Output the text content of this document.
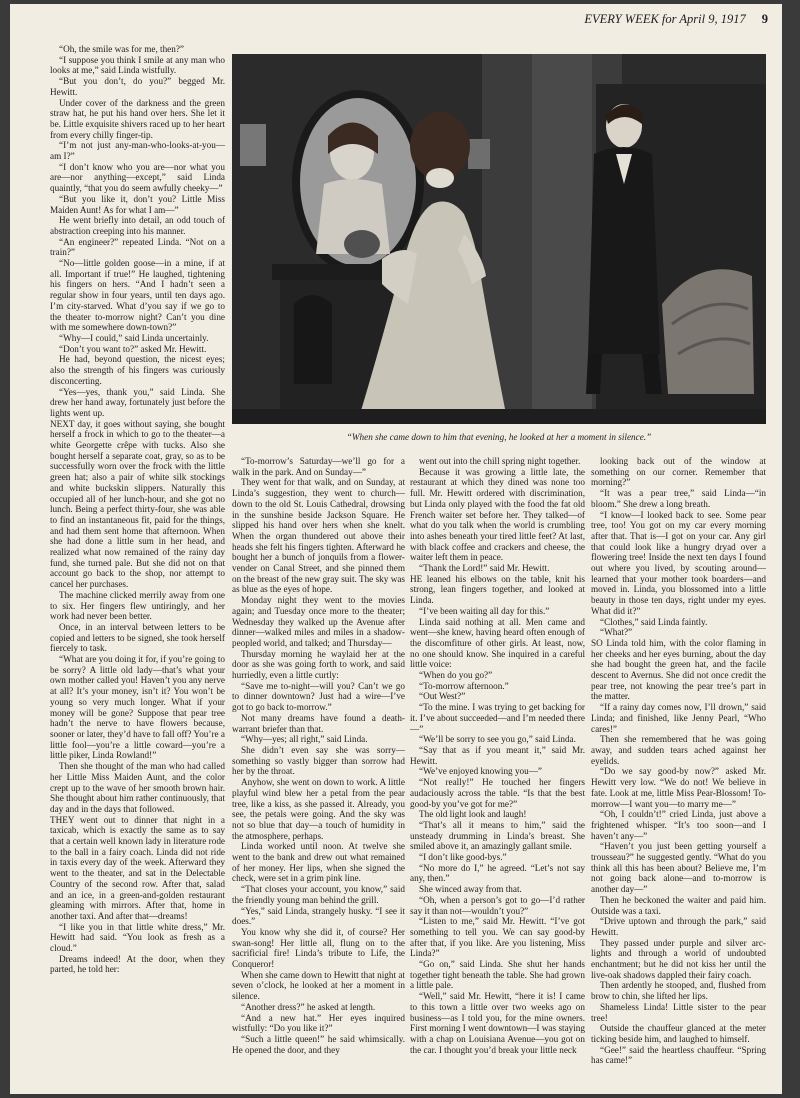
EVERY WEEK for April 9, 1917 9

“Oh, the smile was for me, then?”

“I suppose you think I smile at any man who looks at me,” said Linda wistfully.

“But you don’t, do you?” begged Mr. Hewitt.

Under cover of the darkness and the green straw hat, he put his hand over hers. She let it be. Little exquisite shivers raced up to her heart from every chilly finger-tip.

“I’m not just any-man-who-looks-at-you—am I?”

“I don’t know who you are—nor what you are—nor anything—except,” said Linda quaintly, “that you do seem awfully cheeky—”

“But you like it, don’t you? Little Miss Maiden Aunt! As for what I am—”

He went briefly into detail, an odd touch of abstraction creeping into his manner.

“An engineer?” repeated Linda. “Not on a train?”

“No—little golden goose—in a mine, if at all. Important if true!” He laughed, tightening his fingers on hers. “And I hadn’t seen a regular show in four years, until ten days ago. I’m city-starved. What d’you say if we go to the theater to-morrow night? Can’t you dine with me somewhere down-town?”

“Why—I could,” said Linda uncertainly.

“Don’t you want to?” asked Mr. Hewitt.

He had, beyond question, the nicest eyes; also the strength of his fingers was curiously disconcerting.

“Yes—yes, thank you,” said Linda. She drew her hand away, fortunately just before the lights went up.

NEXT day, it goes without saying, she bought herself a frock in which to go to the theater—a white Georgette crêpe with tucks. Also she bought herself a separate coat, gray, so as to be successfully worn over the frock with the little green hat; also a pair of white silk stockings and white buckskin slippers. Naturally this occupied all of her lunch-hour, and she got no lunch. Being a perfect thirty-four, she was able to find an instantaneous fit, paid for the things, and had them sent home that afternoon. When she had done a little sum in her head, and realized what now remained of the rainy day fund, she turned pale. But she did not on that account go back to the shop, nor attempt to cancel her purchases.

The machine clicked merrily away from one to six. Her fingers flew untiringly, and her work had never been better.

Once, in an interval between letters to be copied and letters to be signed, she took herself fiercely to task.

“What are you doing it for, if you’re going to be sorry? A little old lady—that’s what your own mother called you! Haven’t you any nerve at all? It’s your money, isn’t it? You won’t be young so very much longer. What if your money will be gone? Suppose that pear tree hadn’t the nerve to have flowers because, sooner or later, they’d have to fall off? You’re a little fool—you’re a little coward—you’re a little piker, Linda Rowland!”

Then she thought of the man who had called her Little Miss Maiden Aunt, and the color crept up to the wave of her smooth brown hair. She thought about him rather continuously, that day and in the days that followed.

THEY went out to dinner that night in a taxicab, which is exactly the same as to say that a certain well known lady in literature rode to the ball in a fairy coach. Linda did not ride in taxis every day of the week. Afterward they went to the theater, and sat in the Delectable Country of the second row. After that, salad and an ice, in a green-and-golden restaurant gleaming with mirrors. After that, home in another taxi. And after that—dreams!

“I like you in that little white dress,” Mr. Hewitt had said. “You look as fresh as a cloud.”

Dreams indeed! At the door, when they parted, he told her:

“When she came down to him that evening, he looked at her a moment in silence.”

“To-morrow’s Saturday—we’ll go for a walk in the park. And on Sunday—”

They went for that walk, and on Sunday, at Linda’s suggestion, they went to church—down to the old St. Louis Cathedral, drowsing in the sunshine beside Jackson Square. He slipped his hand over hers when she knelt. When the organ thundered out above their heads she felt his fingers tighten. Afterward he bought her a bunch of jonquils from a flower-vender on Canal Street, and she pinned them on the breast of the new gray suit. The sky was as blue as the eyes of hope.

Monday night they went to the movies again; and Tuesday once more to the theater; Wednesday they walked up the Avenue after dinner—walked miles and miles in a shadow-peopled world, and talked; and Thursday—

Thursday morning he waylaid her at the door as she was going forth to work, and said hurriedly, even a little curtly:

“Save me to-night—will you? Can’t we go to dinner downtown? Just had a wire—I’ve got to go back to-morrow.”

Not many dreams have found a death-warrant briefer than that.

“Why—yes; all right,” said Linda.

She didn’t even say she was sorry—something so vastly bigger than sorrow had her by the throat.

Anyhow, she went on down to work. A little playful wind blew her a petal from the pear tree, like a kiss, as she passed it. Already, you see, the petals were going. And the sky was not so blue that day—a touch of humidity in the atmosphere, perhaps.

Linda worked until noon. At twelve she went to the bank and drew out what remained of her money. Her lips, when she signed the check, were set in a grim pink line.

“That closes your account, you know,” said the friendly young man behind the grill.

“Yes,” said Linda, strangely husky. “I see it does.”

You know why she did it, of course? Her swan-song! Her little all, flung on to the sacrificial fire! Linda’s tribute to Life, the Conqueror!

When she came down to Hewitt that night at seven o’clock, he looked at her a moment in silence.

“Another dress?” he asked at length.

“And a new hat.” Her eyes inquired wistfully: “Do you like it?”

“Such a little queen!” he said whimsically. He opened the door, and they

went out into the chill spring night together.

Because it was growing a little late, the restaurant at which they dined was none too full. Mr. Hewitt ordered with discrimination, but Linda only played with the food the fat old French waiter set before her. They talked—of what do you talk when the world is crumbling into ashes beneath your tired little feet? At last, with black coffee and crackers and cheese, the waiter left them in peace.

“Thank the Lord!” said Mr. Hewitt.

HE leaned his elbows on the table, knit his strong, lean fingers together, and looked at Linda.

“I’ve been waiting all day for this.”

Linda said nothing at all. Men came and went—she knew, having heard often enough of the discomfiture of other girls. At least, now, no one should know. She inquired in a careful little voice:

“When do you go?”

“To-morrow afternoon.”

“Out West?”

“To the mine. I was trying to get backing for it. I’ve about succeeded—and I’m needed there—”

“We’ll be sorry to see you go,” said Linda.

“Say that as if you meant it,” said Mr. Hewitt.

“We’ve enjoyed knowing you—”

“Not really!” He touched her fingers audaciously across the table. “Is that the best good-by you’ve got for me?”

The old light look and laugh!

“That’s all it means to him,” said the unsteady drumming in Linda’s breast. She smiled above it, an amazingly gallant smile.

“I don’t like good-bys.”

“No more do I,” he agreed. “Let’s not say any, then.”

She winced away from that.

“Oh, when a person’s got to go—I’d rather say it than not—wouldn’t you?”

“Listen to me,” said Mr. Hewitt. “I’ve got something to tell you. We can say good-by after that, if you like. Are you listening, Miss Linda?”

“Go on,” said Linda. She shut her hands together tight beneath the table. She had grown a little pale.

“Well,” said Mr. Hewitt, “here it is! I came to this town a little over two weeks ago on business—as I told you, for the mine owners. First morning I went downtown—I was staying with a chap on Louisiana Avenue—you got on the car. I thought you’d break your little neck

looking back out of the window at something on our corner. Remember that morning?”

“It was a pear tree,” said Linda—“in bloom.” She drew a long breath.

“I know—I looked back to see. Some pear tree, too! You got on my car every morning after that. That is—I got on your car. Any girl that could look like a hungry dryad over a flowering tree! Inside the next ten days I found out where you lived, by scouting around—learned that your mother took boarders—and moved in. Linda, you blossomed into a little beauty in those ten days, right under my eyes. What did it?”

“Clothes,” said Linda faintly.

“What?”

SO Linda told him, with the color flaming in her cheeks and her eyes burning, about the day she had bought the green hat, and the facile descent to Avernus. She did not once credit the pear tree, not knowing the pear tree’s part in the matter.

“If a rainy day comes now, I’ll drown,” said Linda; and finished, like Jenny Pearl, “Who cares!”

Then she remembered that he was going away, and sudden tears ached against her eyelids.

“Do we say good-by now?” asked Mr. Hewitt very low. “We do not! We believe in fate. Look at me, little Miss Pear-Blossom! To-morrow—I want you—to marry me—”

“Oh, I couldn’t!” cried Linda, just above a frightened whisper. “It’s too soon—and I haven’t any—”

“Haven’t you just been getting yourself a trousseau?” he suggested gently. “What do you think all this has been about? Believe me, I’m not going back alone—and to-morrow is another day—”

Then he beckoned the waiter and paid him. Outside was a taxi.

“Drive uptown and through the park,” said Hewitt.

They passed under purple and silver arc-lights and through a world of undoubted enchantment; but he did not kiss her until the live-oak shadows dappled their fairy coach.

Then ardently he stooped, and, flushed from brow to chin, she lifted her lips.

Shameless Linda! Little sister to the pear tree!

Outside the chauffeur glanced at the meter ticking beside him, and laughed to himself.

“Gee!” said the heartless chauffeur. “Spring has came!”
